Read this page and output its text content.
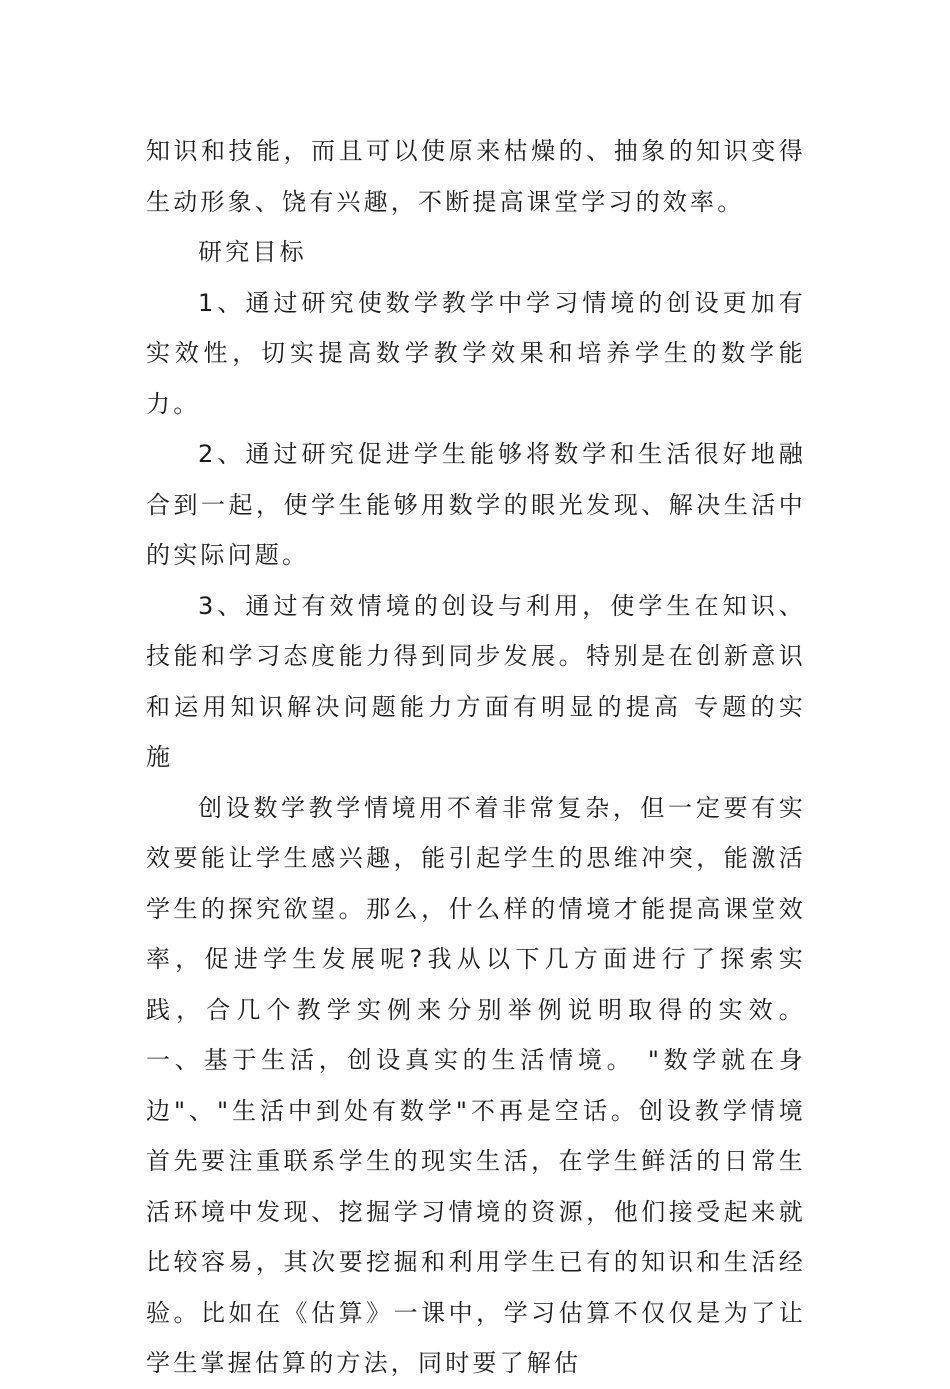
知识和技能，而且可以使原来枯燥的、抽象的知识变得生动形象、饶有兴趣，不断提高课堂学习的效率。

研究目标

1、通过研究使数学教学中学习情境的创设更加有实效性，切实提高数学教学效果和培养学生的数学能力。

2、通过研究促进学生能够将数学和生活很好地融合到一起，使学生能够用数学的眼光发现、解决生活中的实际问题。

3、通过有效情境的创设与利用，使学生在知识、技能和学习态度能力得到同步发展。特别是在创新意识和运用知识解决问题能力方面有明显的提高 专题的实施

创设数学教学情境用不着非常复杂，但一定要有实效要能让学生感兴趣，能引起学生的思维冲突，能激活学生的探究欲望。那么，什么样的情境才能提高课堂效率，促进学生发展呢?我从以下几方面进行了探索实践，合几个教学实例来分别举例说明取得的实效。 一、基于生活，创设真实的生活情境。 "数学就在身边"、"生活中到处有数学"不再是空话。创设教学情境首先要注重联系学生的现实生活，在学生鲜活的日常生活环境中发现、挖掘学习情境的资源，他们接受起来就比较容易，其次要挖掘和利用学生已有的知识和生活经验。比如在《估算》一课中，学习估算不仅仅是为了让学生掌握估算的方法，同时要了解估
